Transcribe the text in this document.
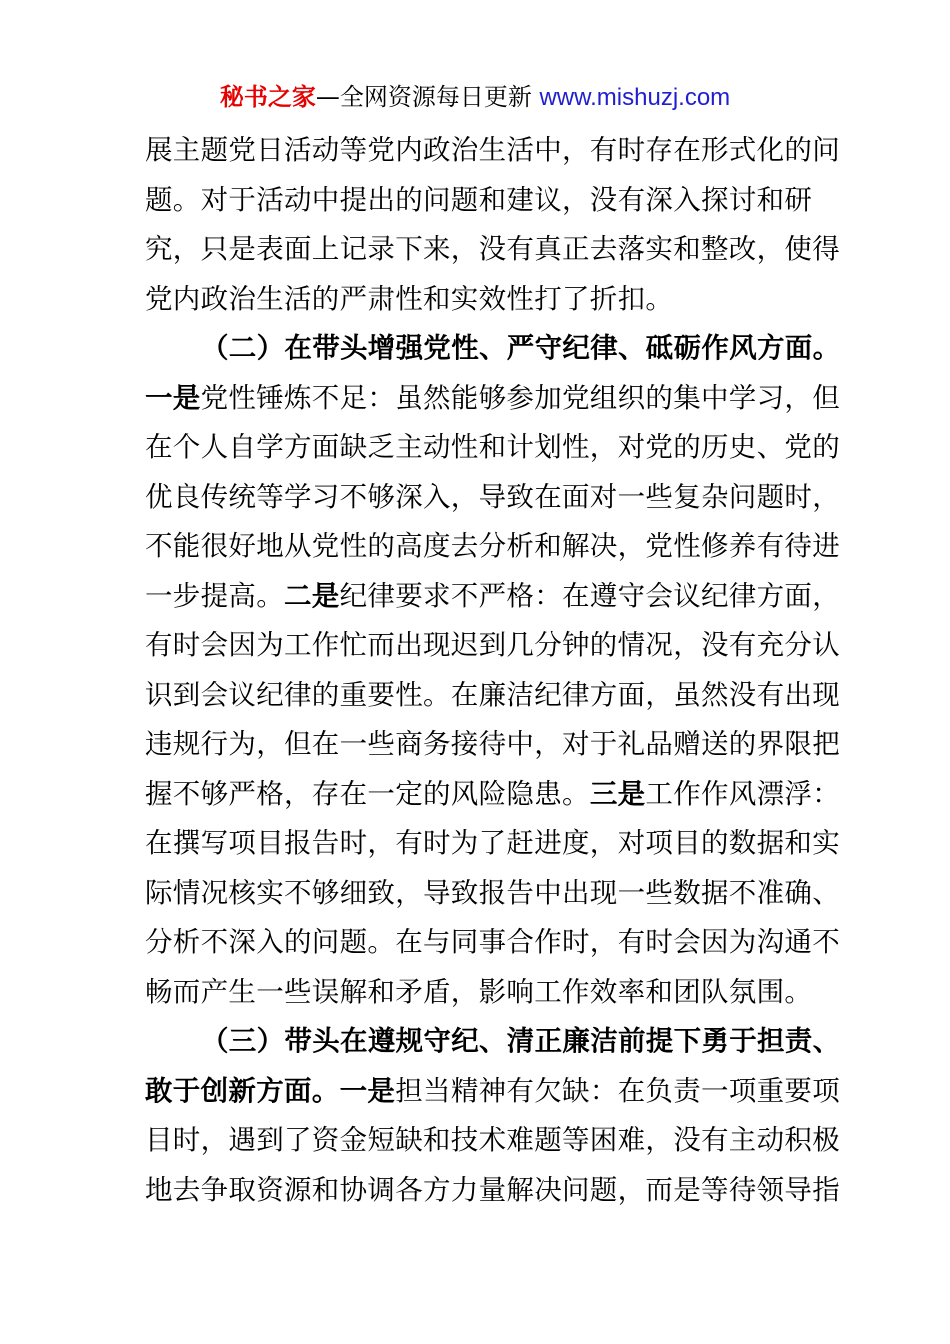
秘书之家—全网资源每日更新 www.mishuzj.com
展主题党日活动等党内政治生活中，有时存在形式化的问
题。对于活动中提出的问题和建议，没有深入探讨和研
究，只是表面上记录下来，没有真正去落实和整改，使得
党内政治生活的严肃性和实效性打了折扣。
（二）在带头增强党性、严守纪律、砥砺作风方面。
一是党性锤炼不足：虽然能够参加党组织的集中学习，但
在个人自学方面缺乏主动性和计划性，对党的历史、党的
优良传统等学习不够深入，导致在面对一些复杂问题时，
不能很好地从党性的高度去分析和解决，党性修养有待进
一步提高。二是纪律要求不严格：在遵守会议纪律方面，
有时会因为工作忙而出现迟到几分钟的情况，没有充分认
识到会议纪律的重要性。在廉洁纪律方面，虽然没有出现
违规行为，但在一些商务接待中，对于礼品赠送的界限把
握不够严格，存在一定的风险隐患。三是工作作风漂浮：
在撰写项目报告时，有时为了赶进度，对项目的数据和实
际情况核实不够细致，导致报告中出现一些数据不准确、
分析不深入的问题。在与同事合作时，有时会因为沟通不
畅而产生一些误解和矛盾，影响工作效率和团队氛围。
（三）带头在遵规守纪、清正廉洁前提下勇于担责、
敢于创新方面。一是担当精神有欠缺：在负责一项重要项
目时，遇到了资金短缺和技术难题等困难，没有主动积极
地去争取资源和协调各方力量解决问题，而是等待领导指
